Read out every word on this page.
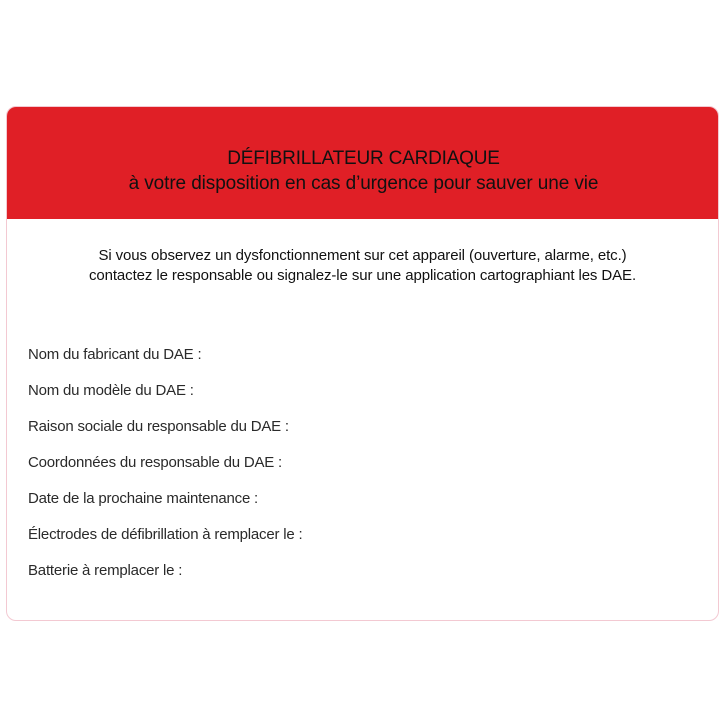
DÉFIBRILLATEUR CARDIAQUE
à votre disposition en cas d’urgence pour sauver une vie
Si vous observez un dysfonctionnement sur cet appareil (ouverture, alarme, etc.)
contactez le responsable ou signalez-le sur une application cartographiant les DAE.
Nom du fabricant du DAE :
Nom du modèle du DAE :
Raison sociale du responsable du DAE :
Coordonnées du responsable du DAE :
Date de la prochaine maintenance :
Électrodes de défibrillation à remplacer le :
Batterie à remplacer le :
